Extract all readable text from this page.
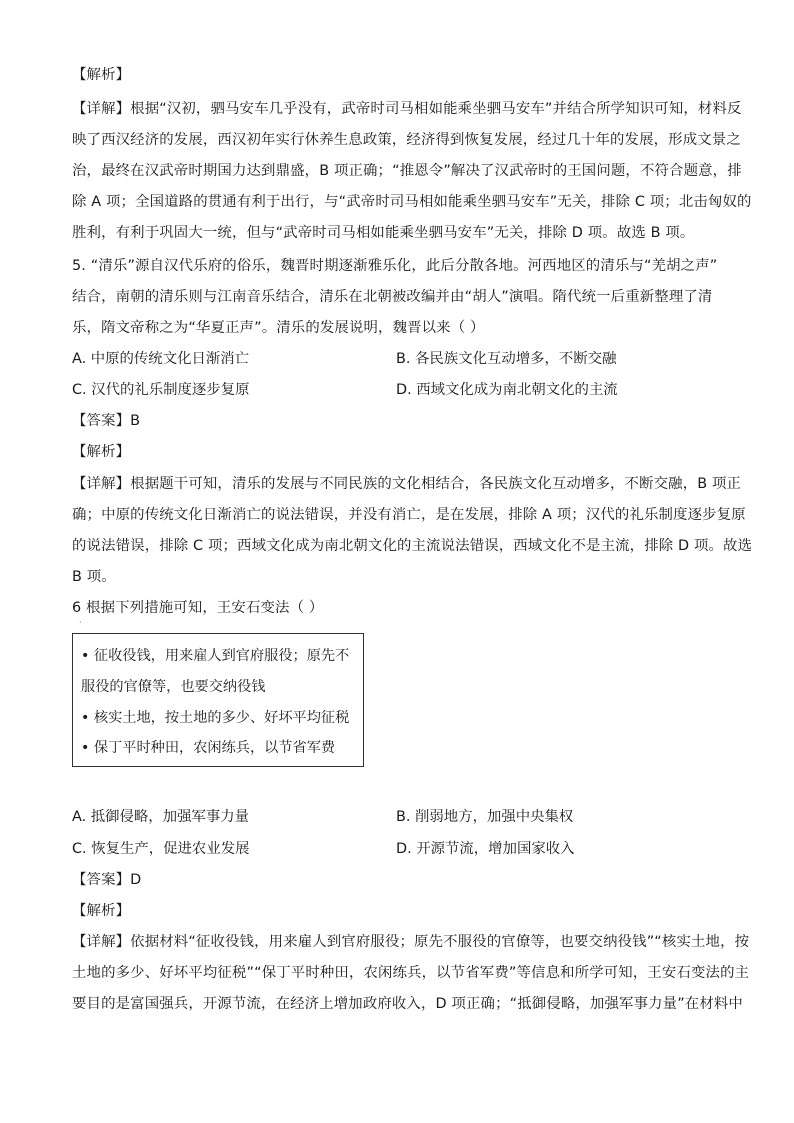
【解析】
【详解】根据“汉初，驷马安车几乎没有，武帝时司马相如能乘坐驷马安车”并结合所学知识可知，材料反
映了西汉经济的发展，西汉初年实行休养生息政策，经济得到恢复发展，经过几十年的发展，形成文景之
治，最终在汉武帝时期国力达到鼎盛，B 项正确；“推恩令”解决了汉武帝时的王国问题，不符合题意，排
除 A 项；全国道路的贯通有利于出行，与“武帝时司马相如能乘坐驷马安车”无关，排除 C 项；北击匈奴的
胜利，有利于巩固大一统，但与“武帝时司马相如能乘坐驷马安车”无关，排除 D 项。故选 B 项。
5. “清乐”源自汉代乐府的俗乐，魏晋时期逐渐雅乐化，此后分散各地。河西地区的清乐与“羌胡之声”
结合，南朝的清乐则与江南音乐结合，清乐在北朝被改编并由“胡人”演唱。隋代统一后重新整理了清
乐，隋文帝称之为“华夏正声”。清乐的发展说明，魏晋以来（ ）
A. 中原的传统文化日渐消亡	B. 各民族文化互动增多，不断交融
C. 汉代的礼乐制度逐步复原	D. 西域文化成为南北朝文化的主流
【答案】B
【解析】
【详解】根据题干可知，清乐的发展与不同民族的文化相结合，各民族文化互动增多，不断交融，B 项正
确；中原的传统文化日渐消亡的说法错误，并没有消亡，是在发展，排除 A 项；汉代的礼乐制度逐步复原
的说法错误，排除 C 项；西域文化成为南北朝文化的主流说法错误，西域文化不是主流，排除 D 项。故选
B 项。
6 根据下列措施可知，王安石变法（ ）
·
• 征收役钱，用来雇人到官府服役；原先不
服役的官僚等，也要交纳役钱
• 核实土地，按土地的多少、好坏平均征税
• 保丁平时种田，农闲练兵，以节省军费
A. 抵御侵略，加强军事力量	B. 削弱地方，加强中央集权
C. 恢复生产，促进农业发展	D. 开源节流，增加国家收入
【答案】D
【解析】
【详解】依据材料“征收役钱，用来雇人到官府服役；原先不服役的官僚等，也要交纳役钱”“核实土地，按
土地的多少、好坏平均征税”“保丁平时种田，农闲练兵，以节省军费”等信息和所学可知，王安石变法的主
要目的是富国强兵，开源节流，在经济上增加政府收入，D 项正确；“抵御侵略，加强军事力量”在材料中
